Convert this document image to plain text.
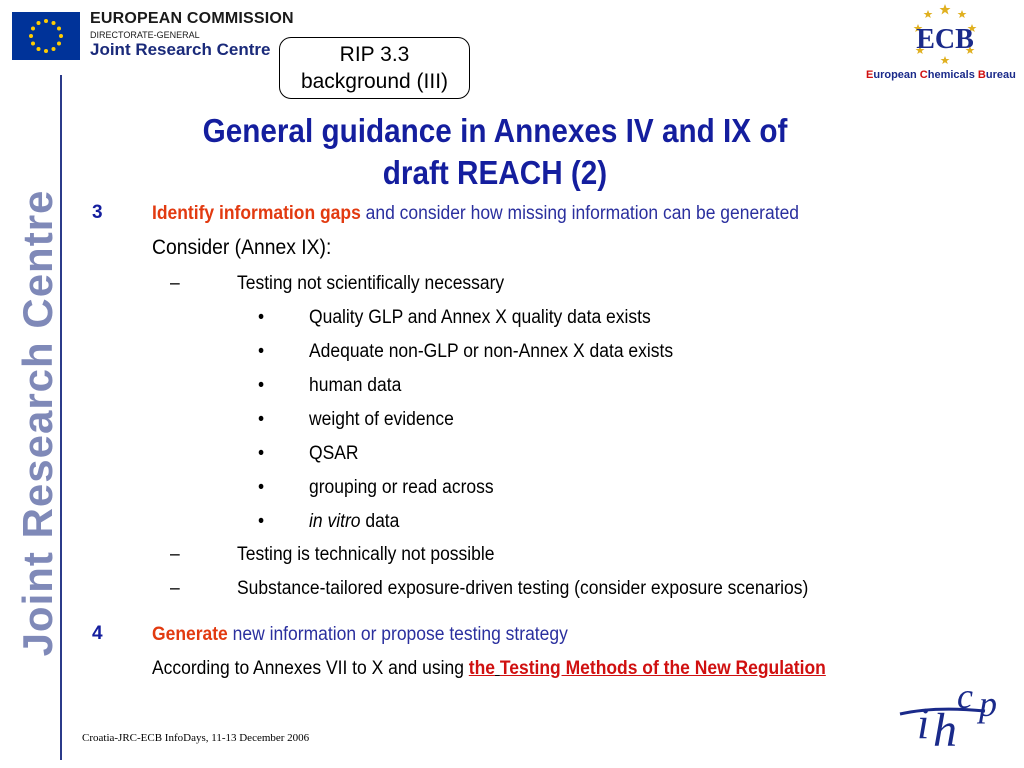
EUROPEAN COMMISSION
DIRECTORATE-GENERAL
Joint Research Centre	RIP 3.3
background (III)
ECB
European Chemicals Bureau
Joint Research Centre
General guidance in Annexes IV and IX of
draft REACH (2)
3	Identify information gaps and consider how missing information can be generated
Consider (Annex IX):
–	Testing not scientifically necessary
• Quality GLP and Annex X quality data exists
• Adequate non-GLP or non-Annex X data exists
• human data
• weight of evidence
• QSAR
• grouping or read across
• in vitro data
–	Testing is technically not possible
–	Substance-tailored exposure-driven testing (consider exposure scenarios)
4	Generate new information or propose testing strategy
According to Annexes VII to X and using the Testing Methods of the New Regulation
Croatia-JRC-ECB InfoDays, 11-13 December 2006	i h
c p
